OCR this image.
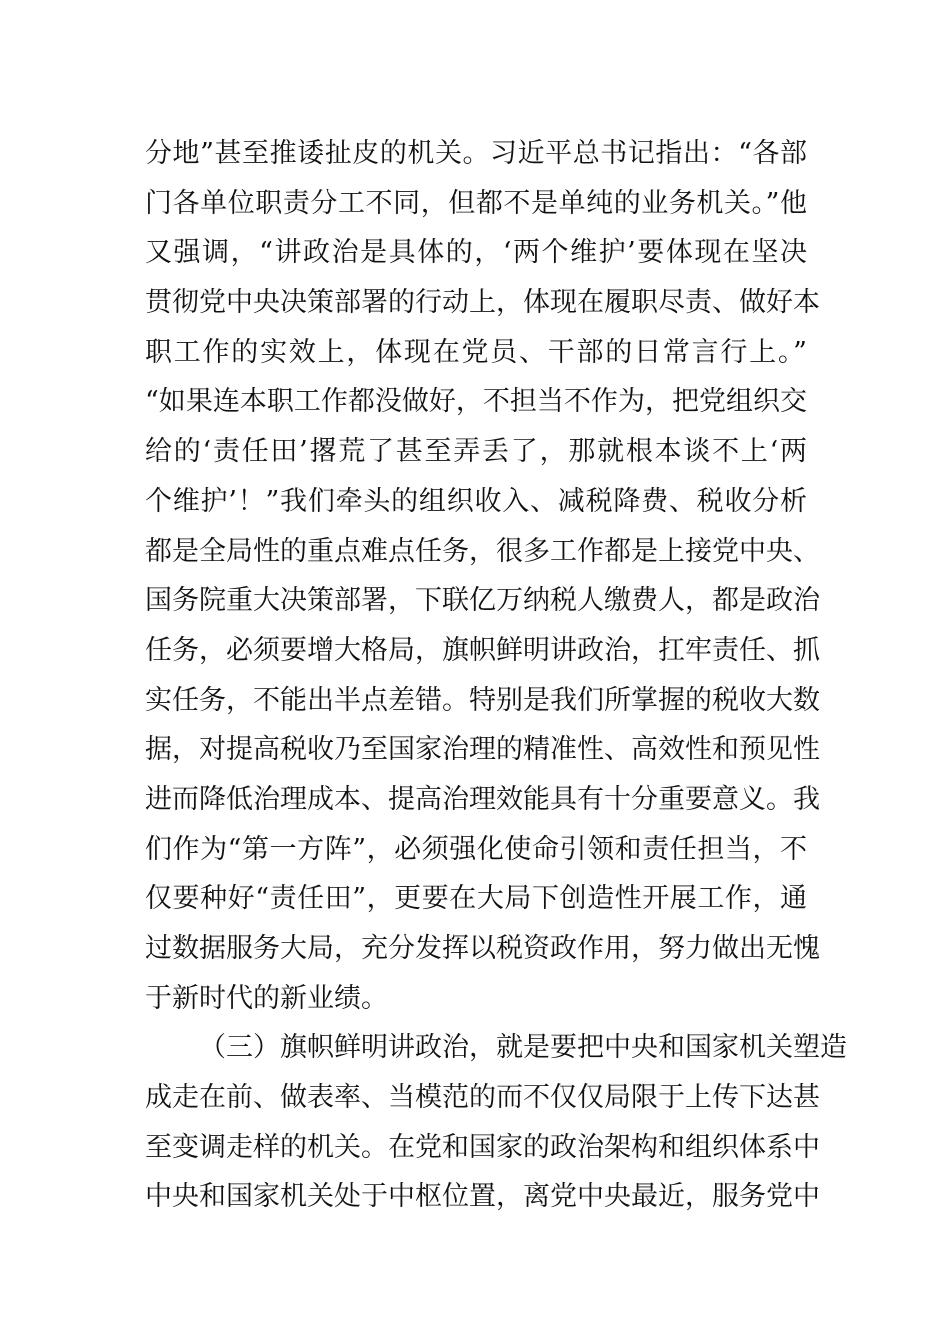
分地”甚至推诿扯皮的机关。习近平总书记指出：“各部
门各单位职责分工不同，但都不是单纯的业务机关。”他
又强调，“讲政治是具体的，‘两个维护’要体现在坚决
贯彻党中央决策部署的行动上，体现在履职尽责、做好本
职工作的实效上，体现在党员、干部的日常言行上。”
“如果连本职工作都没做好，不担当不作为，把党组织交
给的‘责任田’撂荒了甚至弄丢了，那就根本谈不上‘两
个维护’！”我们牵头的组织收入、减税降费、税收分析
都是全局性的重点难点任务，很多工作都是上接党中央、
国务院重大决策部署，下联亿万纳税人缴费人，都是政治
任务，必须要增大格局，旗帜鲜明讲政治，扛牢责任、抓
实任务，不能出半点差错。特别是我们所掌握的税收大数
据，对提高税收乃至国家治理的精准性、高效性和预见性
进而降低治理成本、提高治理效能具有十分重要意义。我
们作为“第一方阵”，必须强化使命引领和责任担当，不
仅要种好“责任田”，更要在大局下创造性开展工作，通
过数据服务大局，充分发挥以税资政作用，努力做出无愧
于新时代的新业绩。
（三）旗帜鲜明讲政治，就是要把中央和国家机关塑造
成走在前、做表率、当模范的而不仅仅局限于上传下达甚
至变调走样的机关。在党和国家的政治架构和组织体系中
中央和国家机关处于中枢位置，离党中央最近，服务党中
